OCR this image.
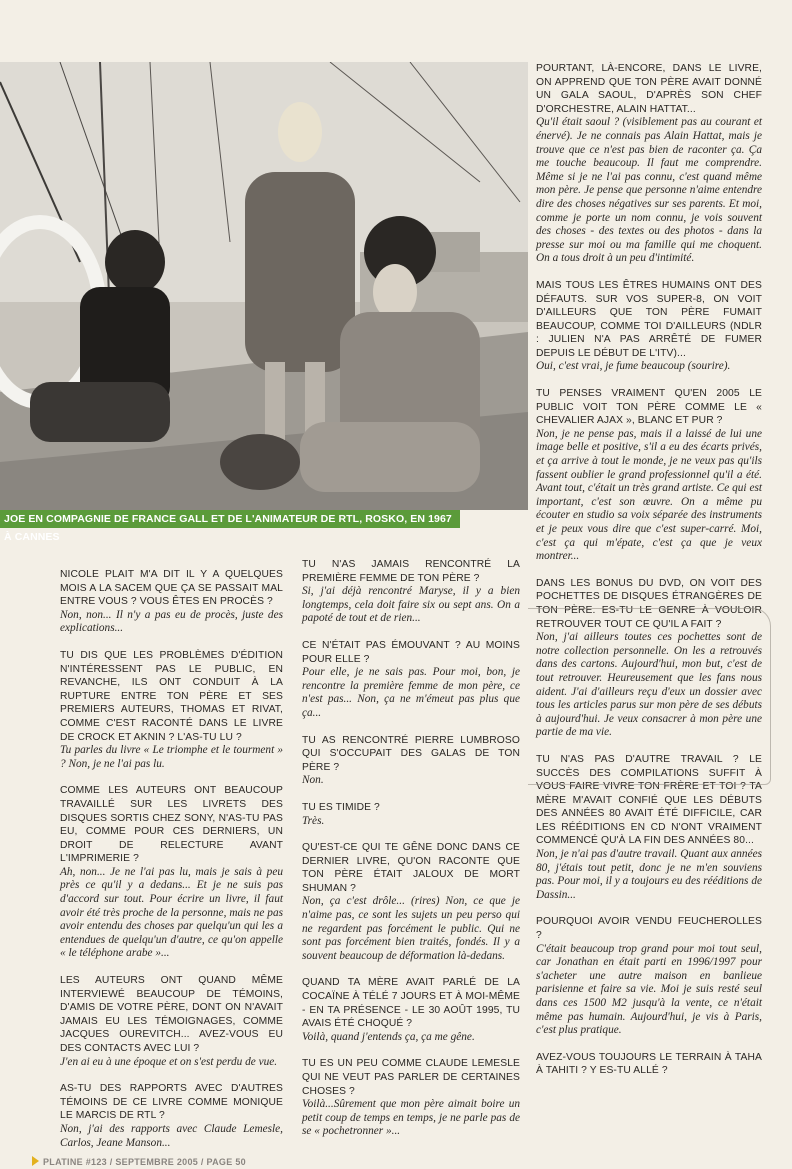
JOE EN COMPAGNIE DE FRANCE GALL ET DE L'ANIMATEUR DE RTL, ROSKO, EN 1967 À CANNES

NICOLE PLAIT M'A DIT IL Y A QUELQUES MOIS A LA SACEM QUE ÇA SE PASSAIT MAL ENTRE VOUS ? VOUS ÊTES EN PROCÈS ?

Non, non... Il n'y a pas eu de procès, juste des explications...

TU DIS QUE LES PROBLÈMES D'ÉDITION N'INTÉRESSENT PAS LE PUBLIC, EN REVANCHE, ILS ONT CONDUIT À LA RUPTURE ENTRE TON PÈRE ET SES PREMIERS AUTEURS, THOMAS ET RIVAT, COMME C'EST RACONTÉ DANS LE LIVRE DE CROCK ET AKNIN ? L'AS-TU LU ?

Tu parles du livre « Le triomphe et le tourment » ? Non, je ne l'ai pas lu.

COMME LES AUTEURS ONT BEAUCOUP TRAVAILLÉ SUR LES LIVRETS DES DISQUES SORTIS CHEZ SONY, N'AS-TU PAS EU, COMME POUR CES DERNIERS, UN DROIT DE RELECTURE AVANT L'IMPRIMERIE ?

Ah, non... Je ne l'ai pas lu, mais je sais à peu près ce qu'il y a dedans... Et je ne suis pas d'accord sur tout. Pour écrire un livre, il faut avoir été très proche de la personne, mais ne pas avoir entendu des choses par quelqu'un qui les a entendues de quelqu'un d'autre, ce qu'on appelle « le téléphone arabe »...

LES AUTEURS ONT QUAND MÊME INTERVIEWÉ BEAUCOUP DE TÉMOINS, D'AMIS DE VOTRE PÈRE, DONT ON N'AVAIT JAMAIS EU LES TÉMOIGNAGES, COMME JACQUES OUREVITCH... AVEZ-VOUS EU DES CONTACTS AVEC LUI ?

J'en ai eu à une époque et on s'est perdu de vue.

AS-TU DES RAPPORTS AVEC D'AUTRES TÉMOINS DE CE LIVRE COMME MONIQUE LE MARCIS DE RTL ?

Non, j'ai des rapports avec Claude Lemesle, Carlos, Jeane Manson...

TU N'AS JAMAIS RENCONTRÉ LA PREMIÈRE FEMME DE TON PÈRE ?

Si, j'ai déjà rencontré Maryse, il y a bien longtemps, cela doit faire six ou sept ans. On a papoté de tout et de rien...

CE N'ÉTAIT PAS ÉMOUVANT ? AU MOINS POUR ELLE ?

Pour elle, je ne sais pas. Pour moi, bon, je rencontre la première femme de mon père, ce n'est pas... Non, ça ne m'émeut pas plus que ça...

TU AS RENCONTRÉ PIERRE LUMBROSO QUI S'OCCUPAIT DES GALAS DE TON PÈRE ?

Non.

TU ES TIMIDE ?

Très.

QU'EST-CE QUI TE GÊNE DONC DANS CE DERNIER LIVRE, QU'ON RACONTE QUE TON PÈRE ÉTAIT JALOUX DE MORT SHUMAN ?

Non, ça c'est drôle... (rires) Non, ce que je n'aime pas, ce sont les sujets un peu perso qui ne regardent pas forcément le public. Qui ne sont pas forcément bien traités, fondés. Il y a souvent beaucoup de déformation là-dedans.

QUAND TA MÈRE AVAIT PARLÉ DE LA COCAÏNE À TÉLÉ 7 JOURS ET À MOI-MÊME - EN TA PRÉSENCE - LE 30 AOÛT 1995, TU AVAIS ÉTÉ CHOQUÉ ?

Voilà, quand j'entends ça, ça me gêne.

TU ES UN PEU COMME CLAUDE LEMESLE QUI NE VEUT PAS PARLER DE CERTAINES CHOSES ?

Voilà...Sûrement que mon père aimait boire un petit coup de temps en temps, je ne parle pas de se « pochetronner »...

POURTANT, LÀ-ENCORE, DANS LE LIVRE, ON APPREND QUE TON PÈRE AVAIT DONNÉ UN GALA SAOUL, D'APRÈS SON CHEF D'ORCHESTRE, ALAIN HATTAT...

Qu'il était saoul ? (visiblement pas au courant et énervé). Je ne connais pas Alain Hattat, mais je trouve que ce n'est pas bien de raconter ça. Ça me touche beaucoup. Il faut me comprendre. Même si je ne l'ai pas connu, c'est quand même mon père. Je pense que personne n'aime entendre dire des choses négatives sur ses parents. Et moi, comme je porte un nom connu, je vois souvent des choses - des textes ou des photos - dans la presse sur moi ou ma famille qui me choquent. On a tous droit à un peu d'intimité.

MAIS TOUS LES ÊTRES HUMAINS ONT DES DÉFAUTS. SUR VOS SUPER-8, ON VOIT D'AILLEURS QUE TON PÈRE FUMAIT BEAUCOUP, COMME TOI D'AILLEURS (NDLR : JULIEN N'A PAS ARRÊTÉ DE FUMER DEPUIS LE DÉBUT DE L'ITV)...

Oui, c'est vrai, je fume beaucoup (sourire).

TU PENSES VRAIMENT QU'EN 2005 LE PUBLIC VOIT TON PÈRE COMME LE « CHEVALIER AJAX », BLANC ET PUR ?

Non, je ne pense pas, mais il a laissé de lui une image belle et positive, s'il a eu des écarts privés, et ça arrive à tout le monde, je ne veux pas qu'ils fassent oublier le grand professionnel qu'il a été. Avant tout, c'était un très grand artiste. Ce qui est important, c'est son œuvre. On a même pu écouter en studio sa voix séparée des instruments et je peux vous dire que c'est super-carré. Moi, c'est ça qui m'épate, c'est ça que je veux montrer...

DANS LES BONUS DU DVD, ON VOIT DES POCHETTES DE DISQUES ÉTRANGÈRES DE TON PÈRE. ES-TU LE GENRE À VOULOIR RETROUVER TOUT CE QU'IL A FAIT ?

Non, j'ai ailleurs toutes ces pochettes sont de notre collection personnelle. On les a retrouvés dans des cartons. Aujourd'hui, mon but, c'est de tout retrouver. Heureusement que les fans nous aident. J'ai d'ailleurs reçu d'eux un dossier avec tous les articles parus sur mon père de ses débuts à aujourd'hui. Je veux consacrer à mon père une partie de ma vie.

TU N'AS PAS D'AUTRE TRAVAIL ? LE SUCCÈS DES COMPILATIONS SUFFIT À VOUS FAIRE VIVRE TON FRÈRE ET TOI ? TA MÈRE M'AVAIT CONFIÉ QUE LES DÉBUTS DES ANNÉES 80 AVAIT ÉTÉ DIFFICILE, CAR LES RÉÉDITIONS EN CD N'ONT VRAIMENT COMMENCÉ QU'À LA FIN DES ANNÉES 80...

Non, je n'ai pas d'autre travail. Quant aux années 80, j'étais tout petit, donc je ne m'en souviens pas. Pour moi, il y a toujours eu des rééditions de Dassin...

POURQUOI AVOIR VENDU FEUCHEROLLES ?

C'était beaucoup trop grand pour moi tout seul, car Jonathan en était parti en 1996/1997 pour s'acheter une autre maison en banlieue parisienne et faire sa vie. Moi je suis resté seul dans ces 1500 M2 jusqu'à la vente, ce n'était même pas humain. Aujourd'hui, je vis à Paris, c'est plus pratique.

AVEZ-VOUS TOUJOURS LE TERRAIN À TAHA À TAHITI ? Y ES-TU ALLÉ ?

PLATINE #123 / SEPTEMBRE 2005 / PAGE 50
